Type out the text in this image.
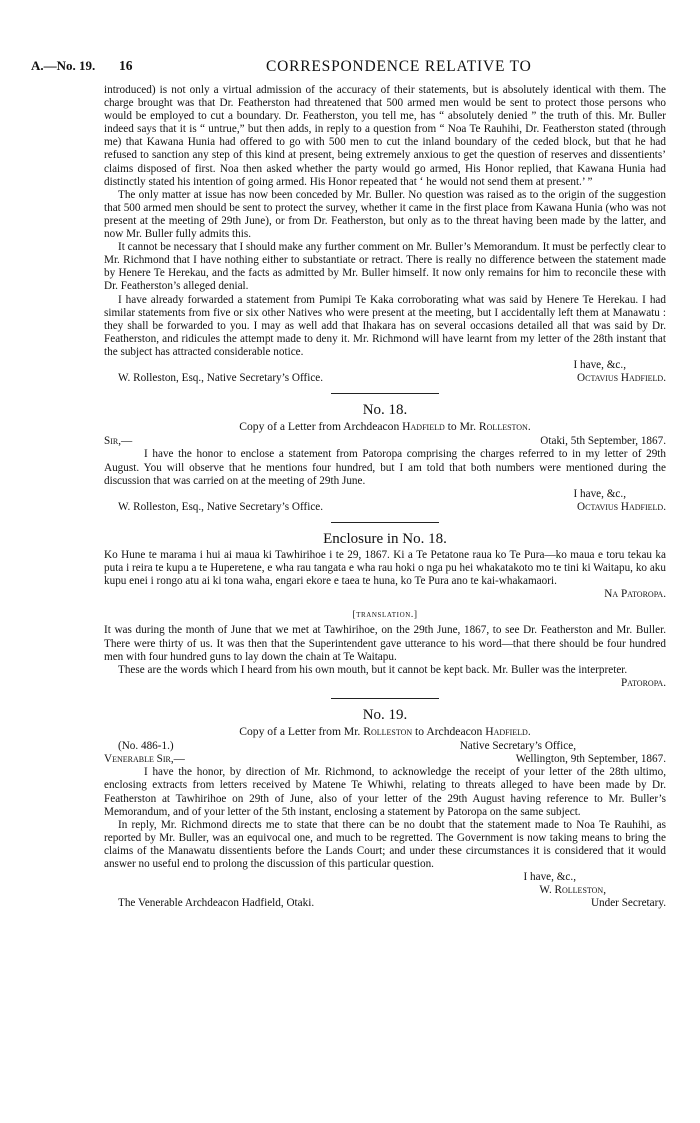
A.—No. 19. 16	CORRESPONDENCE RELATIVE TO

introduced) is not only a virtual admission of the accuracy of their statements, but is absolutely identical with them. The charge brought was that Dr. Featherston had threatened that 500 armed men would be sent to protect those persons who would be employed to cut a boundary. Dr. Featherston, you tell me, has “ absolutely denied ” the truth of this. Mr. Buller indeed says that it is “ untrue,” but then adds, in reply to a question from “ Noa Te Rauhihi, Dr. Featherston stated (through me) that Kawana Hunia had offered to go with 500 men to cut the inland boundary of the ceded block, but that he had refused to sanction any step of this kind at present, being extremely anxious to get the question of reserves and dissentients’ claims disposed of first. Noa then asked whether the party would go armed, His Honor replied, that Kawana Hunia had distinctly stated his intention of going armed. His Honor repeated that ‘ he would not send them at present.’ ”

The only matter at issue has now been conceded by Mr. Buller. No question was raised as to the origin of the suggestion that 500 armed men should be sent to protect the survey, whether it came in the first place from Kawana Hunia (who was not present at the meeting of 29th June), or from Dr. Featherston, but only as to the threat having been made by the latter, and now Mr. Buller fully admits this.

It cannot be necessary that I should make any further comment on Mr. Buller’s Memorandum. It must be perfectly clear to Mr. Richmond that I have nothing either to substantiate or retract. There is really no difference between the statement made by Henere Te Herekau, and the facts as admitted by Mr. Buller himself. It now only remains for him to reconcile these with Dr. Featherston’s alleged denial.

I have already forwarded a statement from Pumipi Te Kaka corroborating what was said by Henere Te Herekau. I had similar statements from five or six other Natives who were present at the meeting, but I accidentally left them at Manawatu : they shall be forwarded to you. I may as well add that Ihakara has on several occasions detailed all that was said by Dr. Featherston, and ridicules the attempt made to deny it. Mr. Richmond will have learnt from my letter of the 28th instant that the subject has attracted considerable notice.

I have, &c.,
W. Rolleston, Esq., Native Secretary’s Office.	Octavius Hadfield.
No. 18.
Copy of a Letter from Archdeacon Hadfield to Mr. Rolleston.
Sir,—	Otaki, 5th September, 1867.

I have the honor to enclose a statement from Patoropa comprising the charges referred to in my letter of 29th August. You will observe that he mentions four hundred, but I am told that both numbers were mentioned during the discussion that was carried on at the meeting of 29th June.

I have, &c.,
W. Rolleston, Esq., Native Secretary’s Office.	Octavius Hadfield.
Enclosure in No. 18.

Ko Hune te marama i hui ai maua ki Tawhirihoe i te 29, 1867. Ki a Te Petatone raua ko Te Pura—ko maua e toru tekau ka puta i reira te kupu a te Huperetene, e wha rau tangata e wha rau hoki o nga pu hei whakatakoto mo te tini ki Waitapu, ko aku kupu enei i rongo atu ai ki tona waha, engari ekore e taea te huna, ko Te Pura ano te kai-whakamaori.

Na Patoropa.
[translation.]

It was during the month of June that we met at Tawhirihoe, on the 29th June, 1867, to see Dr. Featherston and Mr. Buller. There were thirty of us. It was then that the Superintendent gave utterance to his word—that there should be four hundred men with four hundred guns to lay down the chain at Te Waitapu.

These are the words which I heard from his own mouth, but it cannot be kept back. Mr. Buller was the interpreter.

Patoropa.
No. 19.
Copy of a Letter from Mr. Rolleston to Archdeacon Hadfield.
(No. 486-1.)	Native Secretary’s Office,
Venerable Sir,—	Wellington, 9th September, 1867.

I have the honor, by direction of Mr. Richmond, to acknowledge the receipt of your letter of the 28th ultimo, enclosing extracts from letters received by Matene Te Whiwhi, relating to threats alleged to have been made by Dr. Featherston at Tawhirihoe on 29th of June, also of your letter of the 29th August having reference to Mr. Buller’s Memorandum, and of your letter of the 5th instant, enclosing a statement by Patoropa on the same subject.

In reply, Mr. Richmond directs me to state that there can be no doubt that the statement made to Noa Te Rauhihi, as reported by Mr. Buller, was an equivocal one, and much to be regretted. The Government is now taking means to bring the claims of the Manawatu dissentients before the Lands Court; and under these circumstances it is considered that it would answer no useful end to prolong the discussion of this particular question.

I have, &c.,
W. Rolleston,
The Venerable Archdeacon Hadfield, Otaki.	Under Secretary.
